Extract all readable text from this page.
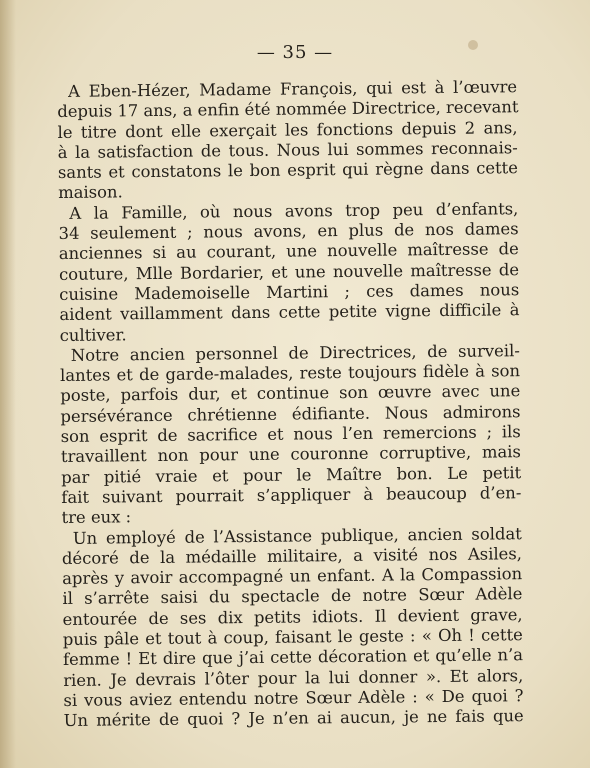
— 35 —
A Eben-Hézer, Madame François, qui est à l’œuvre
depuis 17 ans, a enfin été nommée Directrice, recevant
le titre dont elle exerçait les fonctions depuis 2 ans,
à la satisfaction de tous. Nous lui sommes reconnais-
sants et constatons le bon esprit qui règne dans cette
maison.
A la Famille, où nous avons trop peu d’enfants,
34 seulement ; nous avons, en plus de nos dames
anciennes si au courant, une nouvelle maîtresse de
couture, Mlle Bordarier, et une nouvelle maîtresse de
cuisine Mademoiselle Martini ; ces dames nous
aident vaillamment dans cette petite vigne difficile à
cultiver.
Notre ancien personnel de Directrices, de surveil-
lantes et de garde-malades, reste toujours fidèle à son
poste, parfois dur, et continue son œuvre avec une
persévérance chrétienne édifiante. Nous admirons
son esprit de sacrifice et nous l’en remercions ; ils
travaillent non pour une couronne corruptive, mais
par pitié vraie et pour le Maître bon. Le petit
fait suivant pourrait s’appliquer à beaucoup d’en-
tre eux :
Un employé de l’Assistance publique, ancien soldat
décoré de la médaille militaire, a visité nos Asiles,
après y avoir accompagné un enfant. A la Compassion
il s’arrête saisi du spectacle de notre Sœur Adèle
entourée de ses dix petits idiots. Il devient grave,
puis pâle et tout à coup, faisant le geste : « Oh ! cette
femme ! Et dire que j’ai cette décoration et qu’elle n’a
rien. Je devrais l’ôter pour la lui donner ». Et alors,
si vous aviez entendu notre Sœur Adèle : « De quoi ?
Un mérite de quoi ? Je n’en ai aucun, je ne fais que
